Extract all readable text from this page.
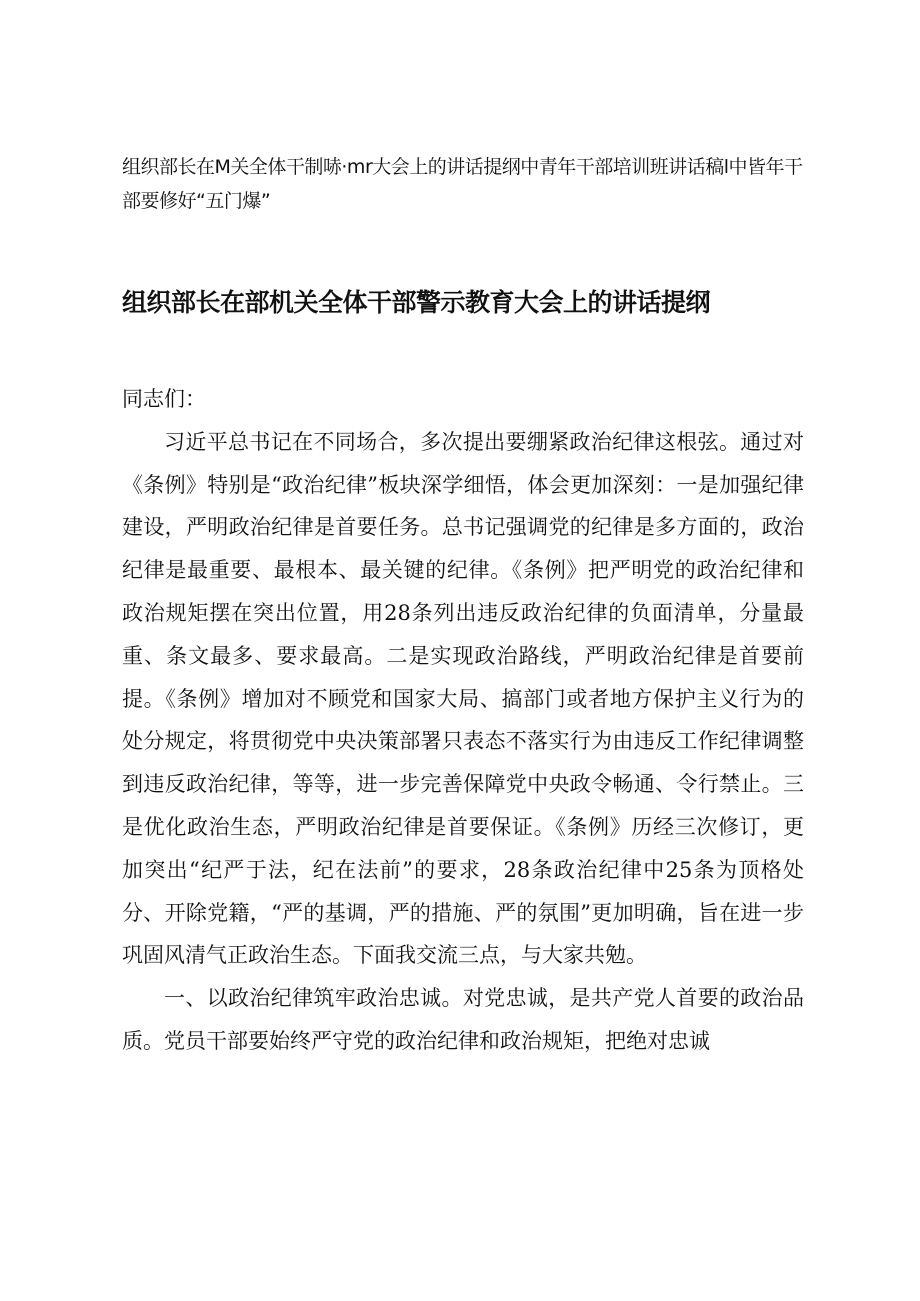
组织部长在M关全体干制哧·mr大会上的讲话提纲中青年干部培训班讲话稿l中皆年干部要修好“五门爆”

组织部长在部机关全体干部警示教育大会上的讲话提纲

同志们：

习近平总书记在不同场合，多次提出要绷紧政治纪律这根弦。通过对《条例》特别是“政治纪律”板块深学细悟，体会更加深刻：一是加强纪律建设，严明政治纪律是首要任务。总书记强调党的纪律是多方面的，政治纪律是最重要、最根本、最关键的纪律。《条例》把严明党的政治纪律和政治规矩摆在突出位置，用28条列出违反政治纪律的负面清单，分量最重、条文最多、要求最高。二是实现政治路线，严明政治纪律是首要前提。《条例》增加对不顾党和国家大局、搞部门或者地方保护主义行为的处分规定，将贯彻党中央决策部署只表态不落实行为由违反工作纪律调整到违反政治纪律，等等，进一步完善保障党中央政令畅通、令行禁止。三是优化政治生态，严明政治纪律是首要保证。《条例》历经三次修订，更加突出“纪严于法，纪在法前”的要求，28条政治纪律中25条为顶格处分、开除党籍，“严的基调，严的措施、严的氛围”更加明确，旨在进一步巩固风清气正政治生态。下面我交流三点，与大家共勉。

一、以政治纪律筑牢政治忠诚。对党忠诚，是共产党人首要的政治品质。党员干部要始终严守党的政治纪律和政治规矩，把绝对忠诚
